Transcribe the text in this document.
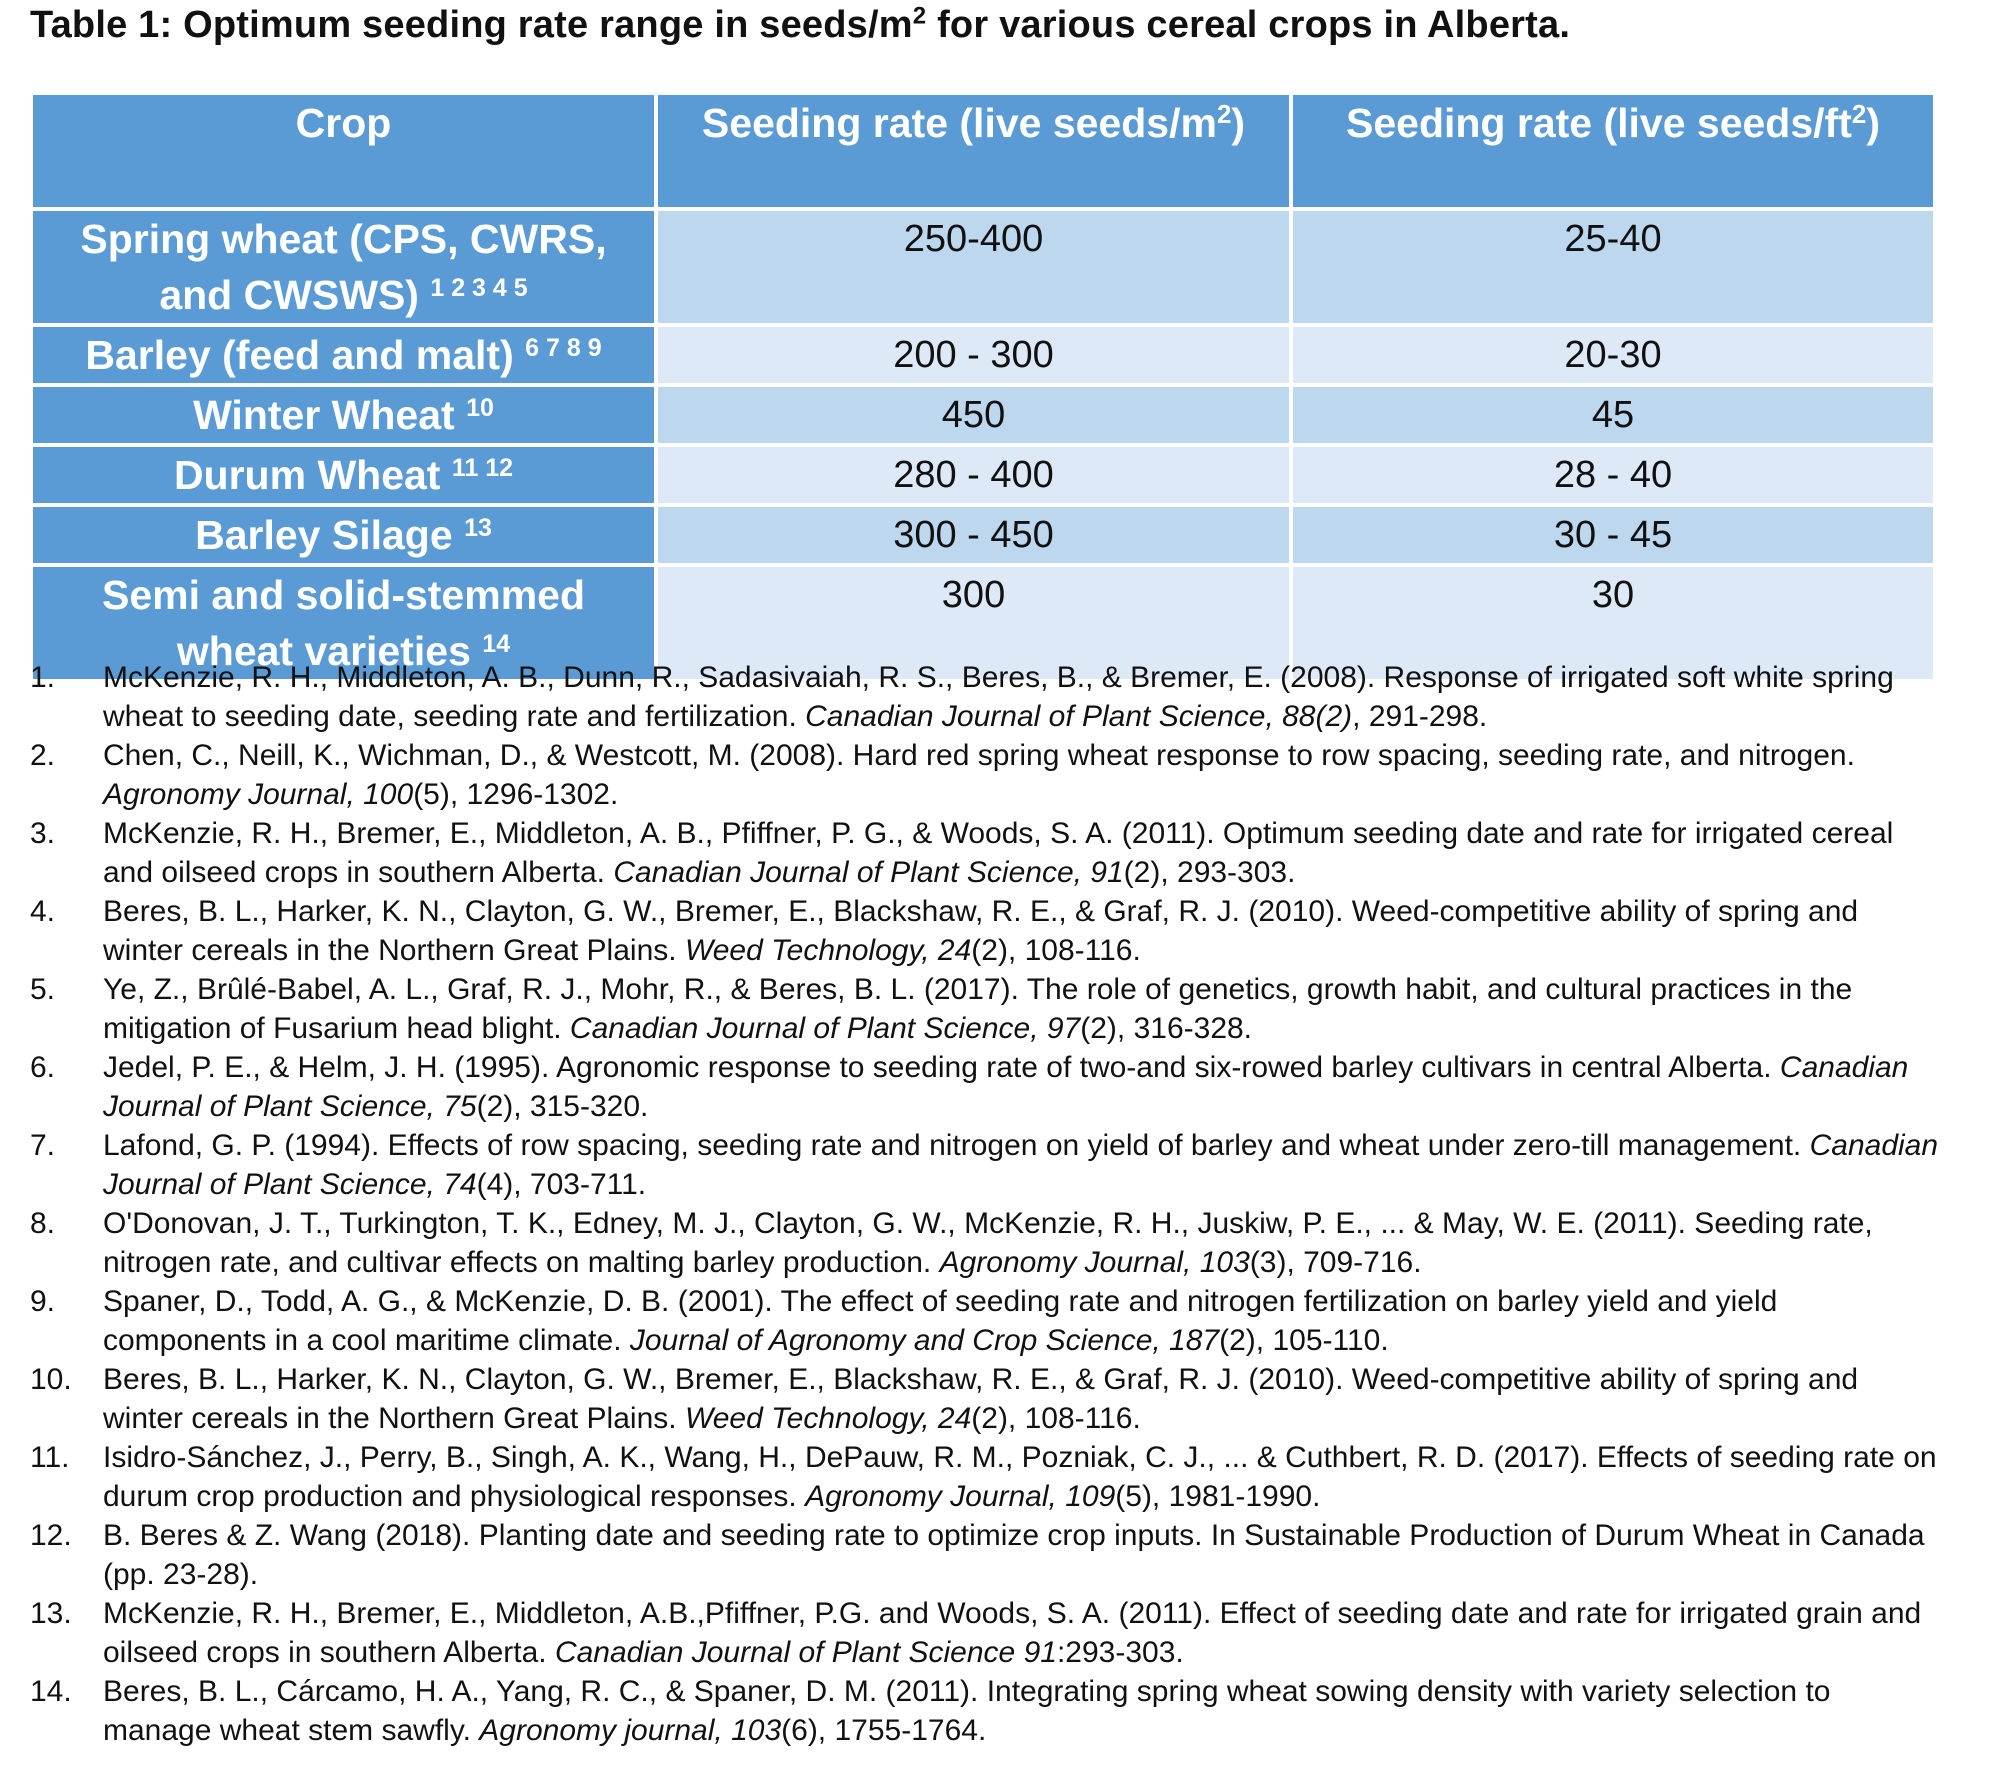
Table 1: Optimum seeding rate range in seeds/$m^2$ for various cereal crops in Alberta.
Crop	Seeding rate (live seeds/$m^2$)	Seeding rate (live seeds/$ft^2$)
Spring wheat (CPS, CWRS, and CWSWS) $^{1 2 3 4 5}$	250-400	25-40
Barley (feed and malt) $^{6 7 8 9}$	200 - 300	20-30
Winter Wheat $^{10}$	450	45
Durum Wheat $^{11 12}$	280 - 400	28 - 40
Barley Silage $^{13}$	300 - 450	30 - 45
Semi and solid-stemmed wheat varieties $^{14}$	300	30
1.	McKenzie, R. H., Middleton, A. B., Dunn, R., Sadasivaiah, R. S., Beres, B., & Bremer, E. (2008). Response of irrigated soft white spring wheat to seeding date, seeding rate and fertilization. Canadian Journal of Plant Science, 88(2), 291-298.
2.	Chen, C., Neill, K., Wichman, D., & Westcott, M. (2008). Hard red spring wheat response to row spacing, seeding rate, and nitrogen. Agronomy Journal, 100(5), 1296-1302.
3.	McKenzie, R. H., Bremer, E., Middleton, A. B., Pfiffner, P. G., & Woods, S. A. (2011). Optimum seeding date and rate for irrigated cereal and oilseed crops in southern Alberta. Canadian Journal of Plant Science, 91(2), 293-303.
4.	Beres, B. L., Harker, K. N., Clayton, G. W., Bremer, E., Blackshaw, R. E., & Graf, R. J. (2010). Weed-competitive ability of spring and winter cereals in the Northern Great Plains. Weed Technology, 24(2), 108-116.
5.	Ye, Z., Brûlé-Babel, A. L., Graf, R. J., Mohr, R., & Beres, B. L. (2017). The role of genetics, growth habit, and cultural practices in the mitigation of Fusarium head blight. Canadian Journal of Plant Science, 97(2), 316-328.
6.	Jedel, P. E., & Helm, J. H. (1995). Agronomic response to seeding rate of two-and six-rowed barley cultivars in central Alberta. Canadian Journal of Plant Science, 75(2), 315-320.
7.	Lafond, G. P. (1994). Effects of row spacing, seeding rate and nitrogen on yield of barley and wheat under zero-till management. Canadian Journal of Plant Science, 74(4), 703-711.
8.	O'Donovan, J. T., Turkington, T. K., Edney, M. J., Clayton, G. W., McKenzie, R. H., Juskiw, P. E., ... & May, W. E. (2011). Seeding rate, nitrogen rate, and cultivar effects on malting barley production. Agronomy Journal, 103(3), 709-716.
9.	Spaner, D., Todd, A. G., & McKenzie, D. B. (2001). The effect of seeding rate and nitrogen fertilization on barley yield and yield components in a cool maritime climate. Journal of Agronomy and Crop Science, 187(2), 105-110.
10.	Beres, B. L., Harker, K. N., Clayton, G. W., Bremer, E., Blackshaw, R. E., & Graf, R. J. (2010). Weed-competitive ability of spring and winter cereals in the Northern Great Plains. Weed Technology, 24(2), 108-116.
11.	Isidro-Sánchez, J., Perry, B., Singh, A. K., Wang, H., DePauw, R. M., Pozniak, C. J., ... & Cuthbert, R. D. (2017). Effects of seeding rate on durum crop production and physiological responses. Agronomy Journal, 109(5), 1981-1990.
12.	B. Beres & Z. Wang (2018). Planting date and seeding rate to optimize crop inputs. In Sustainable Production of Durum Wheat in Canada (pp. 23-28).
13.	McKenzie, R. H., Bremer, E., Middleton, A.B.,Pfiffner, P.G. and Woods, S. A. (2011). Effect of seeding date and rate for irrigated grain and oilseed crops in southern Alberta. Canadian Journal of Plant Science 91:293-303.
14.	Beres, B. L., Cárcamo, H. A., Yang, R. C., & Spaner, D. M. (2011). Integrating spring wheat sowing density with variety selection to manage wheat stem sawfly. Agronomy journal, 103(6), 1755-1764.
